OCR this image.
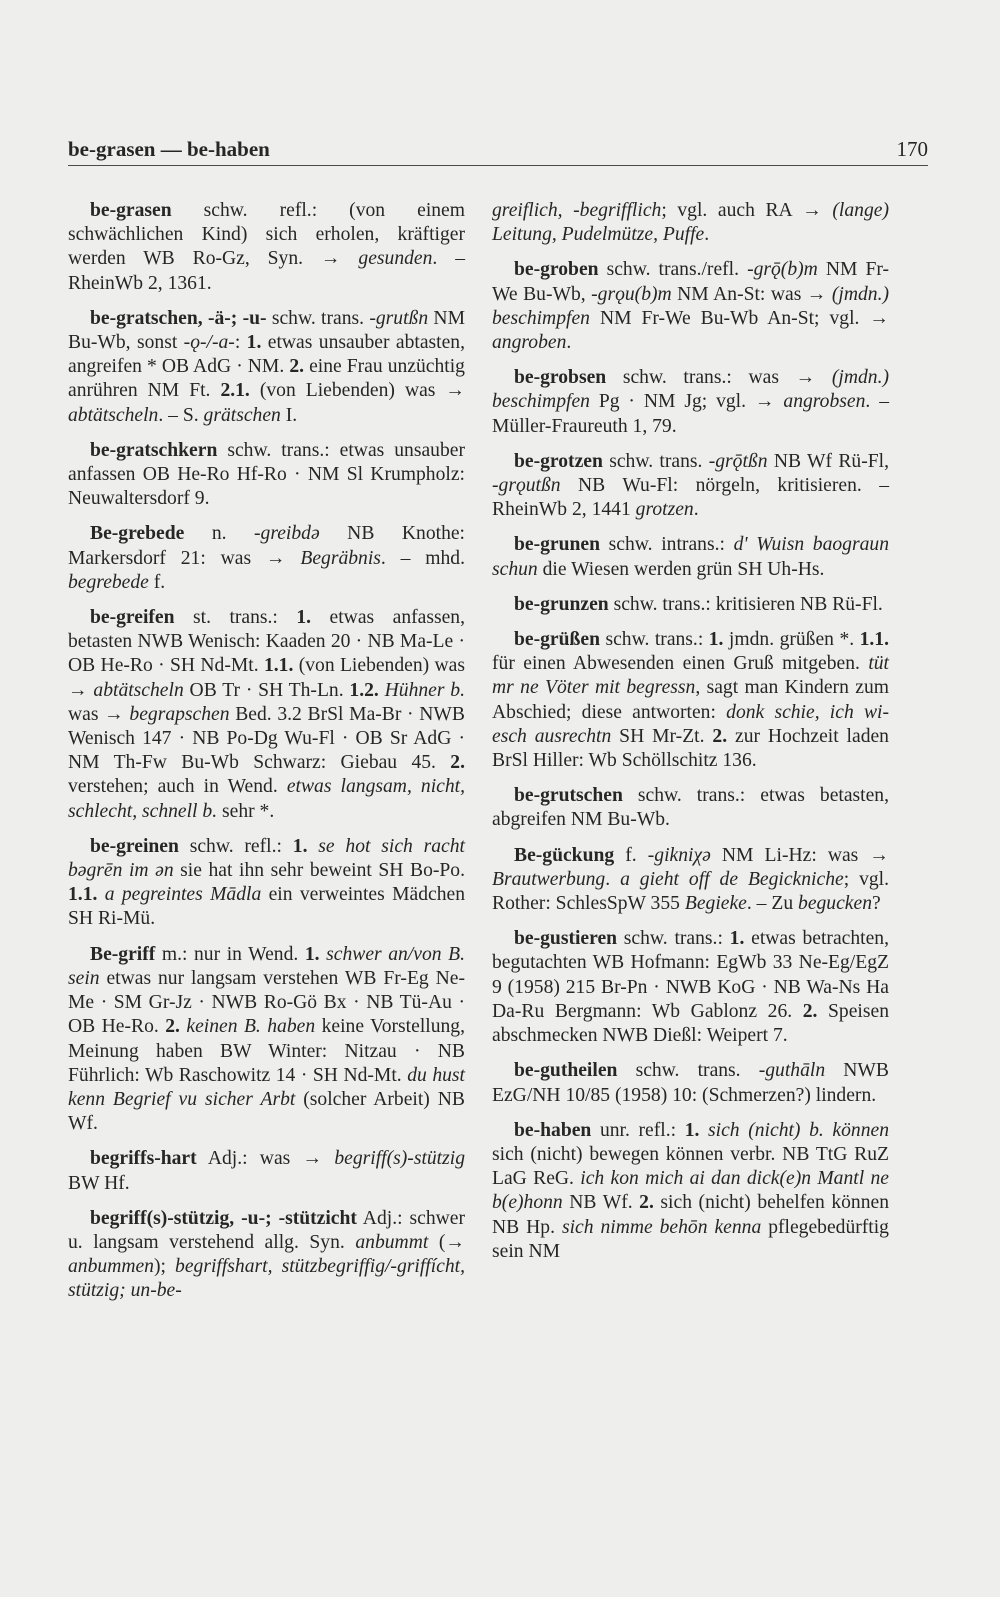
be-grasen — be-haben	170

be-grasen schw. refl.: (von einem schwächlichen Kind) sich erholen, kräftiger werden WB Ro-Gz, Syn. → gesunden. – RheinWb 2, 1361.

be-gratschen, -ä-; -u- schw. trans. -grutßn NM Bu-Wb, sonst -ǫ-/-a-: 1. etwas unsauber abtasten, angreifen * OB AdG · NM. 2. eine Frau unzüchtig anrühren NM Ft. 2.1. (von Liebenden) was → abtätscheln. – S. grätschen I.

be-gratschkern schw. trans.: etwas unsauber anfassen OB He-Ro Hf-Ro · NM Sl Krumpholz: Neuwaltersdorf 9.

Be-grebede n. -greibdə NB Knothe: Markersdorf 21: was → Begräbnis. – mhd. begrebede f.

be-greifen st. trans.: 1. etwas anfassen, betasten NWB Wenisch: Kaaden 20 · NB Ma-Le · OB He-Ro · SH Nd-Mt. 1.1. (von Liebenden) was → abtätscheln OB Tr · SH Th-Ln. 1.2. Hühner b. was → begrapschen Bed. 3.2 BrSl Ma-Br · NWB Wenisch 147 · NB Po-Dg Wu-Fl · OB Sr AdG · NM Th-Fw Bu-Wb Schwarz: Giebau 45. 2. verstehen; auch in Wend. etwas langsam, nicht, schlecht, schnell b. sehr *.

be-greinen schw. refl.: 1. se hot sich racht bəgrēn im ən sie hat ihn sehr beweint SH Bo-Po. 1.1. a pegreintes Mādla ein verweintes Mädchen SH Ri-Mü.

Be-griff m.: nur in Wend. 1. schwer an/von B. sein etwas nur langsam verstehen WB Fr-Eg Ne-Me · SM Gr-Jz · NWB Ro-Gö Bx · NB Tü-Au · OB He-Ro. 2. keinen B. haben keine Vorstellung, Meinung haben BW Winter: Nitzau · NB Führlich: Wb Raschowitz 14 · SH Nd-Mt. du hust kenn Begrief vu sicher Arbt (solcher Arbeit) NB Wf.

begriffs-hart Adj.: was → begriff(s)-stützig BW Hf.

begriff(s)-stützig, -u-; -stützicht Adj.: schwer u. langsam verstehend allg. Syn. anbummt (→ anbummen); begriffshart, stützbegriffig/-griffícht, stützig; un-be-

greiflich, -begrifflich; vgl. auch RA → (lange) Leitung, Pudelmütze, Puffe.

be-groben schw. trans./refl. -grǭ(b)m NM Fr-We Bu-Wb, -grǫu(b)m NM An-St: was → (jmdn.) beschimpfen NM Fr-We Bu-Wb An-St; vgl. → angroben.

be-grobsen schw. trans.: was → (jmdn.) beschimpfen Pg · NM Jg; vgl. → angrobsen. – Müller-Fraureuth 1, 79.

be-grotzen schw. trans. -grǭtßn NB Wf Rü-Fl, -grǫutßn NB Wu-Fl: nörgeln, kritisieren. – RheinWb 2, 1441 grotzen.

be-grunen schw. intrans.: d' Wuisn baograun schun die Wiesen werden grün SH Uh-Hs.

be-grunzen schw. trans.: kritisieren NB Rü-Fl.

be-grüßen schw. trans.: 1. jmdn. grüßen *. 1.1. für einen Abwesenden einen Gruß mitgeben. tüt mr ne Vöter mit begressn, sagt man Kindern zum Abschied; diese antworten: donk schie, ich wi-esch ausrechtn SH Mr-Zt. 2. zur Hochzeit laden BrSl Hiller: Wb Schöllschitz 136.

be-grutschen schw. trans.: etwas betasten, abgreifen NM Bu-Wb.

Be-gückung f. -gikniχə NM Li-Hz: was → Brautwerbung. a gieht off de Begickniche; vgl. Rother: SchlesSpW 355 Begieke. – Zu begucken?

be-gustieren schw. trans.: 1. etwas betrachten, begutachten WB Hofmann: EgWb 33 Ne-Eg/EgZ 9 (1958) 215 Br-Pn · NWB KoG · NB Wa-Ns Ha Da-Ru Bergmann: Wb Gablonz 26. 2. Speisen abschmecken NWB Dießl: Weipert 7.

be-gutheilen schw. trans. -guthāln NWB EzG/NH 10/85 (1958) 10: (Schmerzen?) lindern.

be-haben unr. refl.: 1. sich (nicht) b. können sich (nicht) bewegen können verbr. NB TtG RuZ LaG ReG. ich kon mich ai dan dick(e)n Mantl ne b(e)honn NB Wf. 2. sich (nicht) behelfen können NB Hp. sich nimme behōn kenna pflegebedürftig sein NM
